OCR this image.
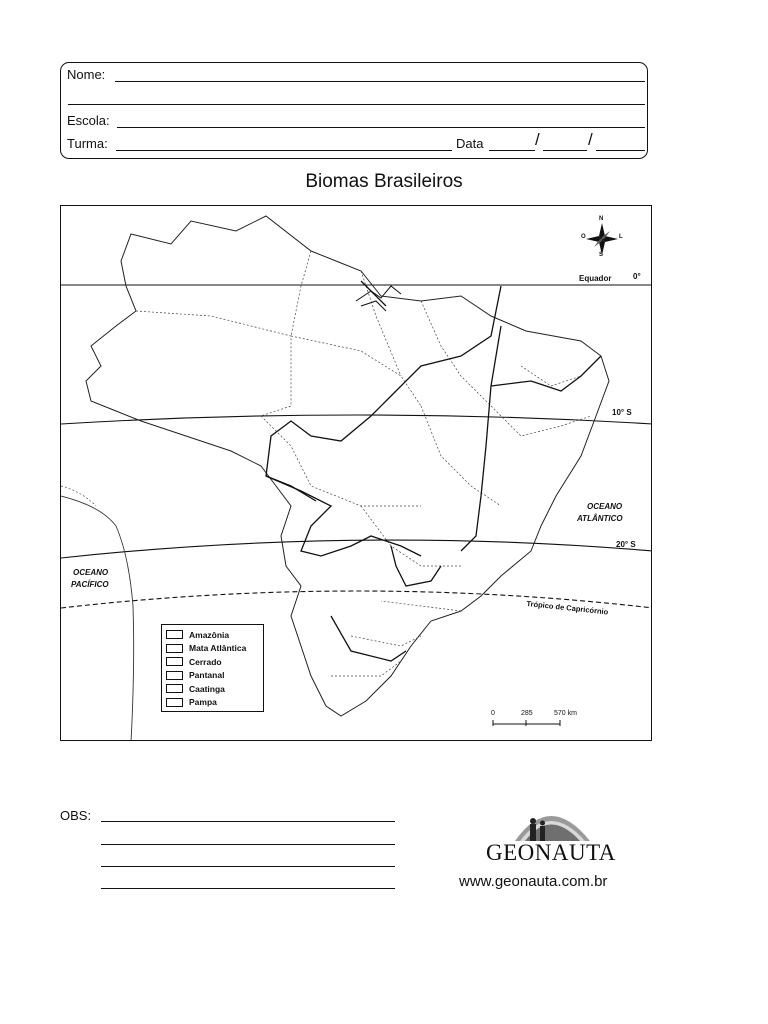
Nome:
Escola:
Turma:	Data	/	/
Biomas Brasileiros
N
S
O	L
Equador	0°
10° S
20° S
Trópico de Capricórnio
OCEANO
ATLÂNTICO
OCEANO
PACÍFICO
Amazônia
Mata Atlântica
Cerrado
Pantanal
Caatinga
Pampa
0	285	570 km
OBS:
GEONAUTA
www.geonauta.com.br
